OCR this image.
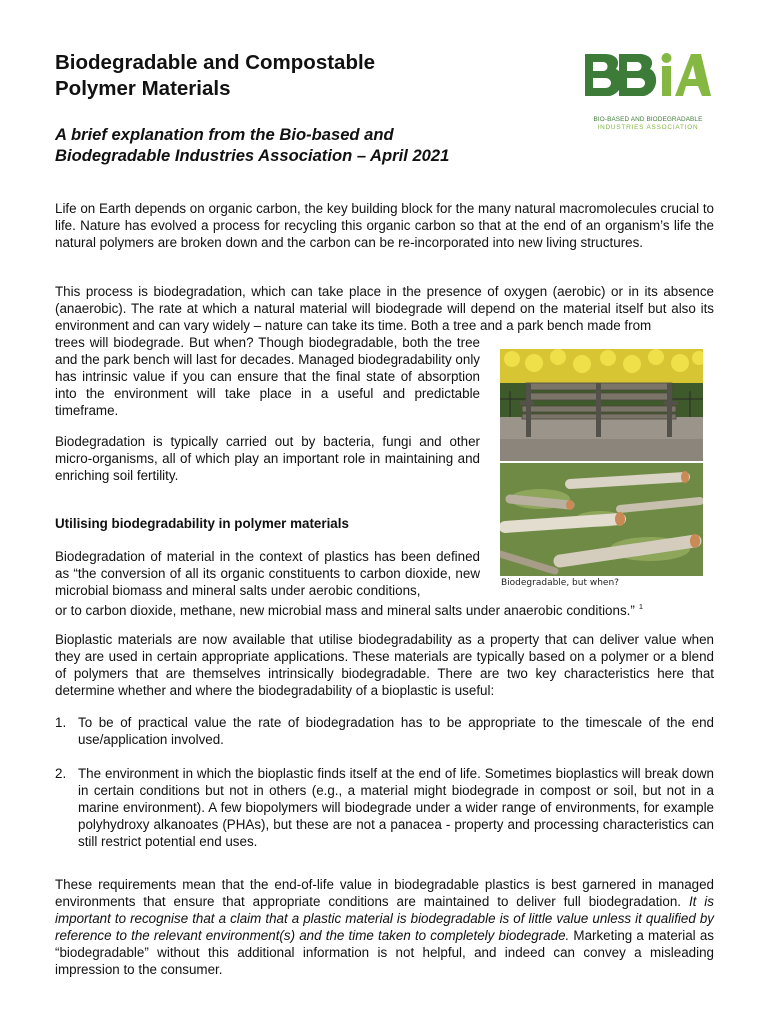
Biodegradable and Compostable
Polymer Materials
A brief explanation from the Bio-based and
Biodegradable Industries Association – April 2021
BIO-BASED AND BIODEGRADABLE
INDUSTRIES ASSOCIATION

Life on Earth depends on organic carbon, the key building block for the many natural macromolecules crucial to life. Nature has evolved a process for recycling this organic carbon so that at the end of an organism’s life the natural polymers are broken down and the carbon can be re-incorporated into new living structures.

This process is biodegradation, which can take place in the presence of oxygen (aerobic) or in its absence (anaerobic). The rate at which a natural material will biodegrade will depend on the material itself but also its environment and can vary widely – nature can take its time. Both a tree and a park bench made from

trees will biodegrade. But when? Though biodegradable, both the tree and the park bench will last for decades. Managed biodegradability only has intrinsic value if you can ensure that the final state of absorption into the environment will take place in a useful and predictable timeframe.

Biodegradation is typically carried out by bacteria, fungi and other micro-organisms, all of which play an important role in maintaining and enriching soil fertility.

Utilising biodegradability in polymer materials

Biodegradation of material in the context of plastics has been defined as “the conversion of all its organic constituents to carbon dioxide, new microbial biomass and mineral salts under aerobic conditions,

or to carbon dioxide, methane, new microbial mass and mineral salts under anaerobic conditions.” $^1$

Bioplastic materials are now available that utilise biodegradability as a property that can deliver value when they are used in certain appropriate applications. These materials are typically based on a polymer or a blend of polymers that are themselves intrinsically biodegradable. There are two key characteristics here that determine whether and where the biodegradability of a bioplastic is useful:

1. To be of practical value the rate of biodegradation has to be appropriate to the timescale of the end use/application involved.

2. The environment in which the bioplastic finds itself at the end of life. Sometimes bioplastics will break down in certain conditions but not in others (e.g., a material might biodegrade in compost or soil, but not in a marine environment). A few biopolymers will biodegrade under a wider range of environments, for example polyhydroxy alkanoates (PHAs), but these are not a panacea - property and processing characteristics can still restrict potential end uses.

These requirements mean that the end-of-life value in biodegradable plastics is best garnered in managed environments that ensure that appropriate conditions are maintained to deliver full biodegradation. It is important to recognise that a claim that a plastic material is biodegradable is of little value unless it qualified by reference to the relevant environment(s) and the time taken to completely biodegrade. Marketing a material as “biodegradable” without this additional information is not helpful, and indeed can convey a misleading impression to the consumer.

Biodegradable, but when?
